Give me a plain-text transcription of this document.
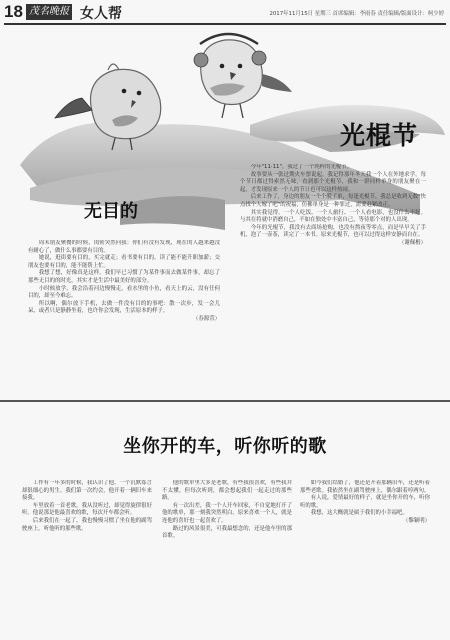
18 茂名晚报 女人帮	2017年11月15日 星期三 首席编辑：李雨春 责任编辑/版面设计：柯少婷
光棍节
无目的

周末朋友聚餐的时候，闺密突然问我：你们有没有发现，现在的人越来越没有耐心了，做什么事都要有目的。

她说，逛街要有目的，买完就走；看书要有目的，读了能不能升职加薪；交朋友也要有目的，能不能帮上忙。

我想了想，好像真是这样。我们早已习惯了为某件事而去做某件事，却忘了那些无目的的时光，其实才是生活中最美好的部分。

小时候放学，我会沿着河边慢慢走，看水里的小鱼，看天上的云，没有任何目的，却至今难忘。

所以啊，偶尔放下手机，去做一件没有目的的事吧：散一次步，发一会儿呆，或者只是静静坐着，也许你会发现，生活原本的样子。

（春源萱）

今年"11·11"，我过了一个纯粹的光棍节。

故事要从一张过期火车票说起，我记得那年冬天我一个人在外地求学，每个节日都过得索然无味，直到那个光棍节，我和一群同样单身的朋友聚在一起，才发现原来一个人的节日也可以这样热闹。

后来工作了，身边的朋友一个个脱了单，每逢光棍节，我总是收到无数"快点找个人嫁了吧"的祝福，仿佛单身是一种罪过，需要赶紧改正。

其实我觉得，一个人吃饭、一个人旅行、一个人看电影，也没什么不好。与其在将就中消磨自己，不如在独处中丰富自己，等待那个对的人出现。

今年的光棍节，我没有去商场抢购，也没有熬夜等零点，而是早早关了手机，泡了一壶茶，读完了一本书。原来光棍节，也可以过得这样安静而自在。

（谢佩楷）

坐你开的车，听你听的歌

工作有一年多的时候，我认识了他，一个沉默寡言却很细心的男生。我们第一次约会，他开着一辆旧车来接我。

车里放着一首老歌，我从没听过，却觉得旋律很好听。他说那是他最喜欢的歌，每次开车都会听。

后来我们在一起了，我也慢慢习惯了坐在他的副驾驶座上，听他听的那些歌。

他的歌单里大多是老歌，有些我很喜欢，有些我并不太懂，但每次听到，都会想起我们一起走过的那些路。

有一次出差，我一个人开车回家，不自觉地打开了他的歌单，那一刻我突然明白，原来喜欢一个人，就是连他的喜好也一起喜欢了。

路过的风景很美，可我最想念的，还是他车里的那首歌。

如今我们结婚了，他还是开着那辆旧车，还是听着那些老歌。我依然坐在副驾驶座上，偶尔跟着哼两句。

有人说，爱情最好的样子，就是坐你开的车，听你听的歌。

我想，这大概就是属于我们的小幸福吧。

（黎颖明）
